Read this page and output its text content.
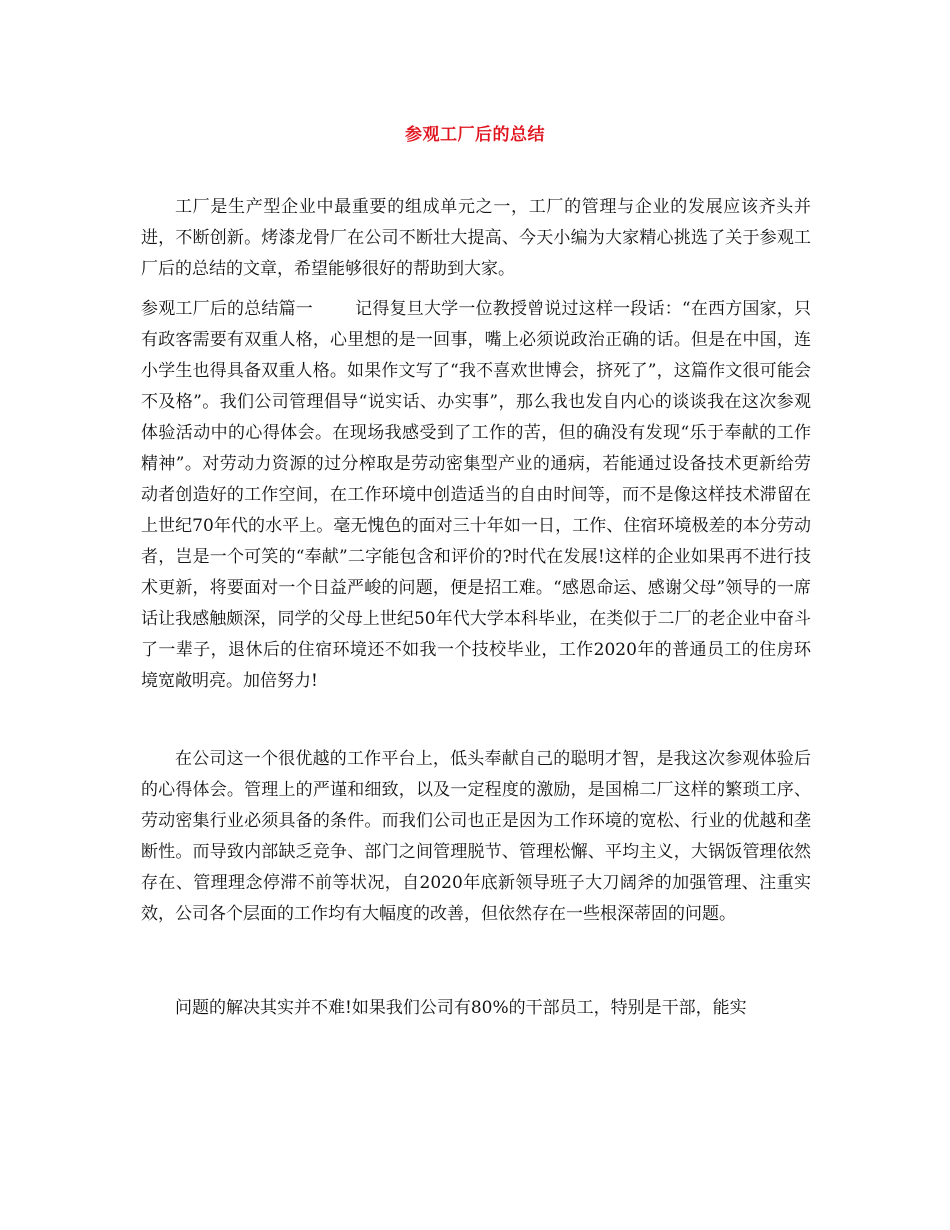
参观工厂后的总结

工厂是生产型企业中最重要的组成单元之一，工厂的管理与企业的发展应该齐头并进，不断创新。烤漆龙骨厂在公司不断壮大提高、今天小编为大家精心挑选了关于参观工厂后的总结的文章，希望能够很好的帮助到大家。

参观工厂后的总结篇一 记得复旦大学一位教授曾说过这样一段话：“在西方国家，只有政客需要有双重人格，心里想的是一回事，嘴上必须说政治正确的话。但是在中国，连小学生也得具备双重人格。如果作文写了“我不喜欢世博会，挤死了”，这篇作文很可能会不及格”。我们公司管理倡导“说实话、办实事”，那么我也发自内心的谈谈我在这次参观体验活动中的心得体会。在现场我感受到了工作的苦，但的确没有发现“乐于奉献的工作精神”。对劳动力资源的过分榨取是劳动密集型产业的通病，若能通过设备技术更新给劳动者创造好的工作空间，在工作环境中创造适当的自由时间等，而不是像这样技术滞留在上世纪70年代的水平上。毫无愧色的面对三十年如一日，工作、住宿环境极差的本分劳动者，岂是一个可笑的“奉献”二字能包含和评价的?时代在发展!这样的企业如果再不进行技术更新，将要面对一个日益严峻的问题，便是招工难。“感恩命运、感谢父母”领导的一席话让我感触颇深，同学的父母上世纪50年代大学本科毕业，在类似于二厂的老企业中奋斗了一辈子，退休后的住宿环境还不如我一个技校毕业，工作2020年的普通员工的住房环境宽敞明亮。加倍努力!

在公司这一个很优越的工作平台上，低头奉献自己的聪明才智，是我这次参观体验后的心得体会。管理上的严谨和细致，以及一定程度的激励，是国棉二厂这样的繁琐工序、劳动密集行业必须具备的条件。而我们公司也正是因为工作环境的宽松、行业的优越和垄断性。而导致内部缺乏竞争、部门之间管理脱节、管理松懈、平均主义，大锅饭管理依然存在、管理理念停滞不前等状况，自2020年底新领导班子大刀阔斧的加强管理、注重实效，公司各个层面的工作均有大幅度的改善，但依然存在一些根深蒂固的问题。

问题的解决其实并不难!如果我们公司有80%的干部员工，特别是干部，能实
